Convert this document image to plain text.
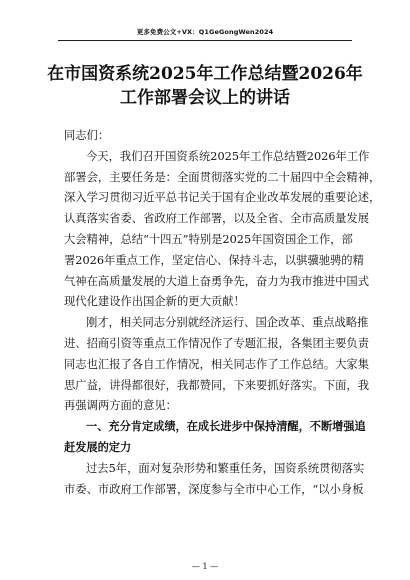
更多免费公文+VX：Q1GeGongWen2024
在市国资系统2025年工作总结暨2026年
工作部署会议上的讲话
同志们：
今天，我们召开国资系统2025年工作总结暨2026年工作
部署会，主要任务是：全面贯彻落实党的二十届四中全会精神，
深入学习贯彻习近平总书记关于国有企业改革发展的重要论述，
认真落实省委、省政府工作部署，以及全省、全市高质量发展
大会精神，总结“十四五”特别是2025年国资国企工作，部
署2026年重点工作，坚定信心、保持斗志，以骐骥驰骋的精
气神在高质量发展的大道上奋勇争先，奋力为我市推进中国式
现代化建设作出国企新的更大贡献！
刚才，相关同志分别就经济运行、国企改革、重点战略推
进、招商引资等重点工作情况作了专题汇报，各集团主要负责
同志也汇报了各自工作情况，相关同志作了工作总结。大家集
思广益，讲得都很好，我都赞同，下来要抓好落实。下面，我
再强调两方面的意见：
一、充分肯定成绩，在成长进步中保持清醒，不断增强追
赶发展的定力
过去5年，面对复杂形势和繁重任务，国资系统贯彻落实
市委、市政府工作部署，深度参与全市中心工作，“以小身板
— 1 —
